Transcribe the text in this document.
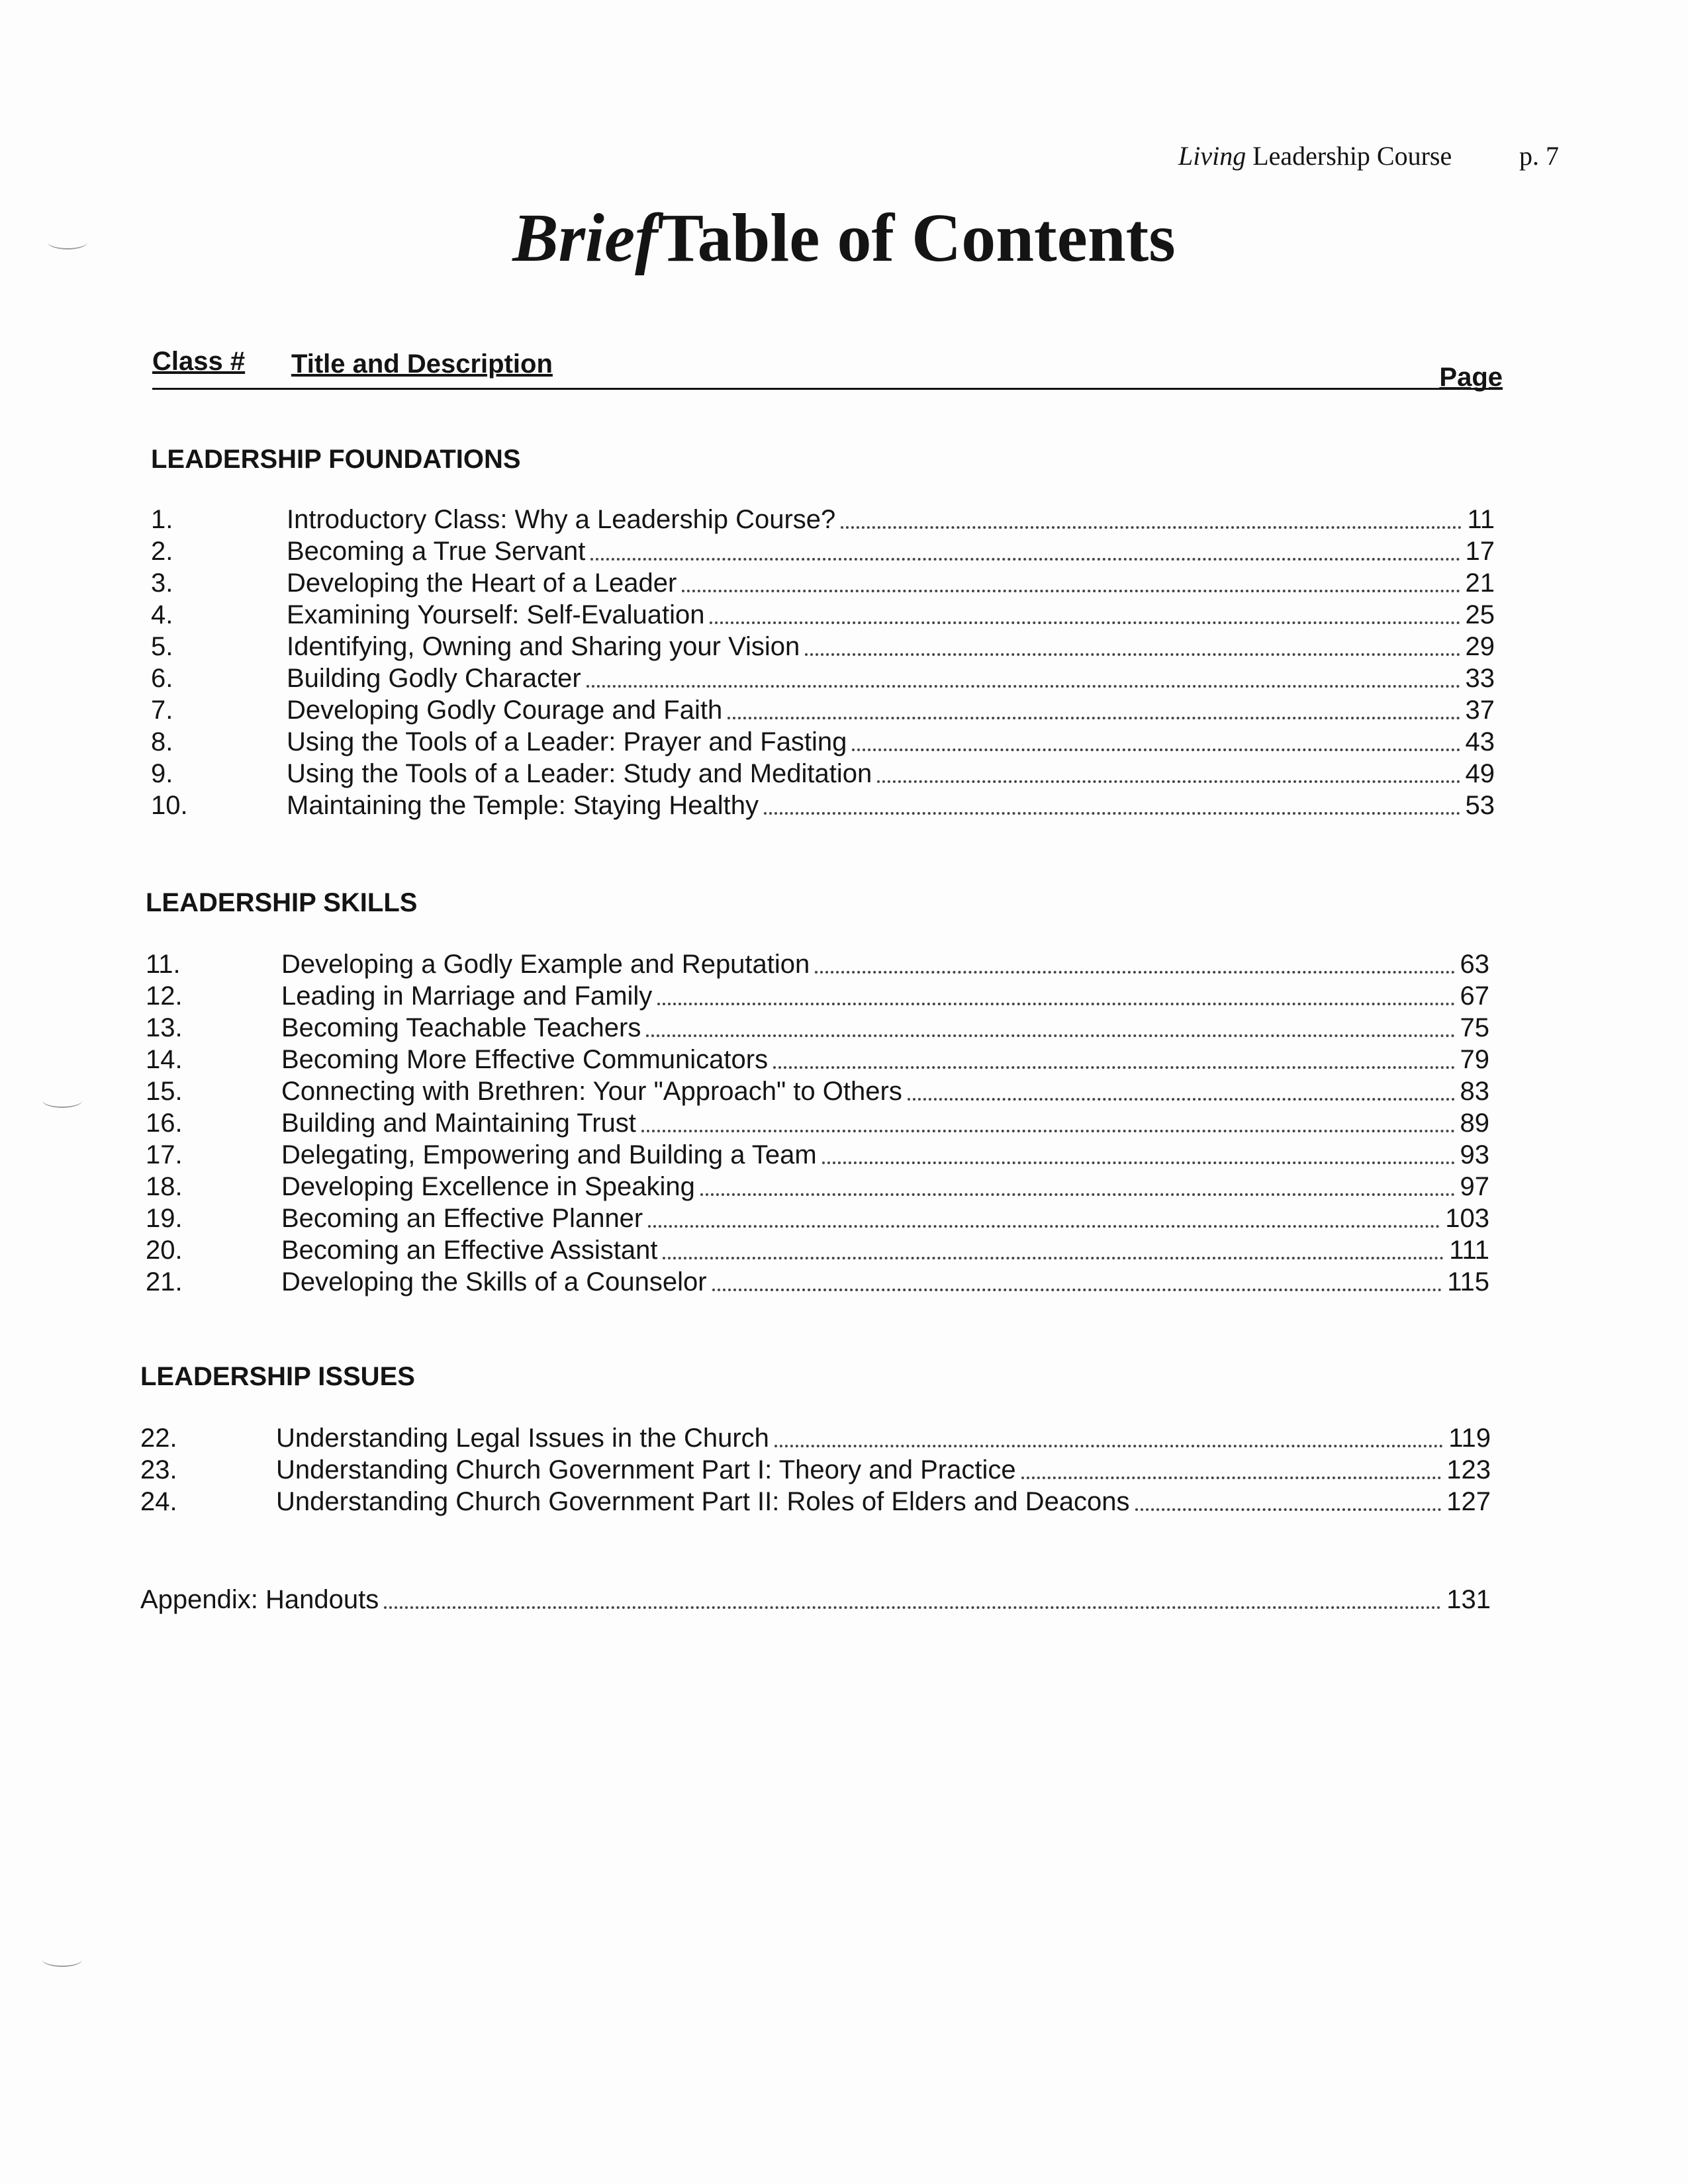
Living Leadership Course	p. 7
BriefTable of Contents
Class # Title and Description	Page
LEADERSHIP FOUNDATIONS
1.	Introductory Class: Why a Leadership Course?	11
2.	Becoming a True Servant	17
3.	Developing the Heart of a Leader	21
4.	Examining Yourself: Self-Evaluation	25
5.	Identifying, Owning and Sharing your Vision	29
6.	Building Godly Character	33
7.	Developing Godly Courage and Faith	37
8.	Using the Tools of a Leader: Prayer and Fasting	43
9.	Using the Tools of a Leader: Study and Meditation	49
10.	Maintaining the Temple: Staying Healthy	53
LEADERSHIP SKILLS
11.	Developing a Godly Example and Reputation	63
12.	Leading in Marriage and Family	67
13.	Becoming Teachable Teachers	75
14.	Becoming More Effective Communicators	79
15.	Connecting with Brethren: Your "Approach" to Others	83
16.	Building and Maintaining Trust	89
17.	Delegating, Empowering and Building a Team	93
18.	Developing Excellence in Speaking	97
19.	Becoming an Effective Planner	103
20.	Becoming an Effective Assistant	111
21.	Developing the Skills of a Counselor	115
LEADERSHIP ISSUES
22.	Understanding Legal Issues in the Church	119
23.	Understanding Church Government Part I: Theory and Practice	123
24.	Understanding Church Government Part II: Roles of Elders and Deacons	127
Appendix: Handouts	131
